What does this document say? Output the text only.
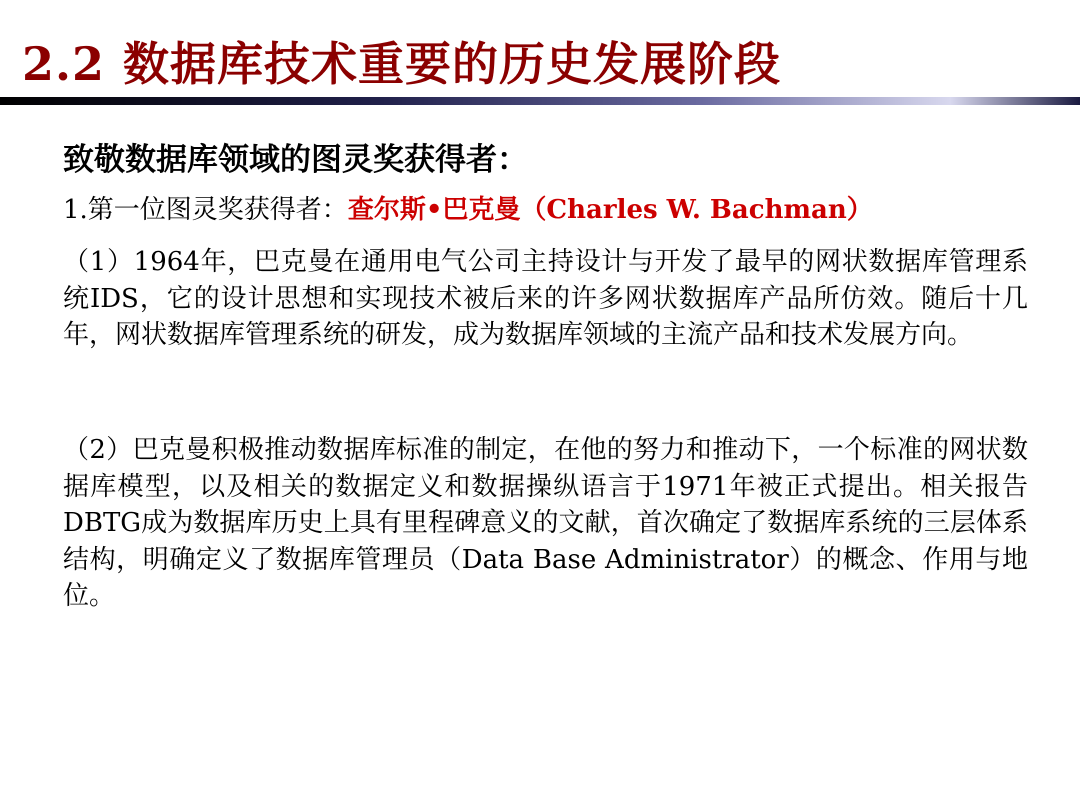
2.2 数据库技术重要的历史发展阶段
致敬数据库领域的图灵奖获得者：
1.第一位图灵奖获得者：查尔斯•巴克曼（Charles W. Bachman）

（1）1964年，巴克曼在通用电气公司主持设计与开发了最早的网状数据库管理系统IDS，它的设计思想和实现技术被后来的许多网状数据库产品所仿效。随后十几年，网状数据库管理系统的研发，成为数据库领域的主流产品和技术发展方向。

（2）巴克曼积极推动数据库标准的制定，在他的努力和推动下，一个标准的网状数据库模型，以及相关的数据定义和数据操纵语言于1971年被正式提出。相关报告DBTG成为数据库历史上具有里程碑意义的文献，首次确定了数据库系统的三层体系结构，明确定义了数据库管理员（Data Base Administrator）的概念、作用与地位。
